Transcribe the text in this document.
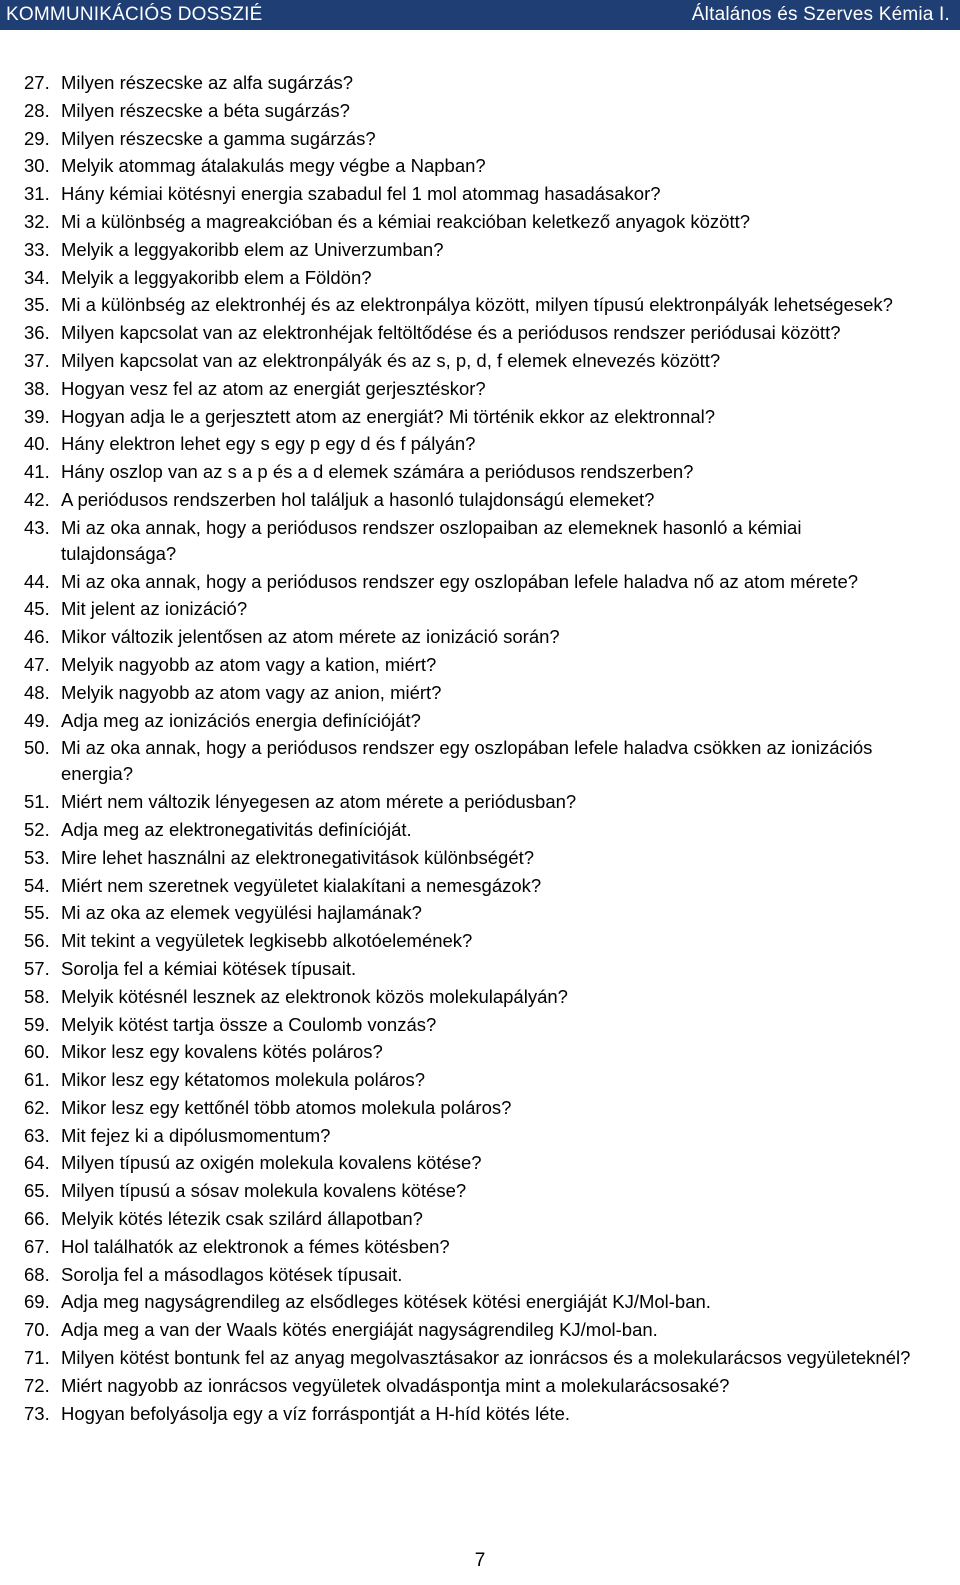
KOMMUNIKÁCIÓS DOSSZIÉ	Általános és Szerves Kémia I.
27. Milyen részecske az alfa sugárzás?
28. Milyen részecske a béta sugárzás?
29. Milyen részecske a gamma sugárzás?
30. Melyik atommag átalakulás megy végbe a Napban?
31. Hány kémiai kötésnyi energia szabadul fel 1 mol atommag hasadásakor?
32. Mi a különbség a magreakcióban és a kémiai reakcióban keletkező anyagok között?
33. Melyik a leggyakoribb elem az Univerzumban?
34. Melyik a leggyakoribb elem a Földön?
35. Mi a különbség az elektronhéj és az elektronpálya között, milyen típusú elektronpályák lehetségesek?
36. Milyen kapcsolat van az elektronhéjak feltöltődése és a periódusos rendszer periódusai között?
37. Milyen kapcsolat van az elektronpályák és az s, p, d, f elemek elnevezés között?
38. Hogyan vesz fel az atom az energiát gerjesztéskor?
39. Hogyan adja le a gerjesztett atom az energiát? Mi történik ekkor az elektronnal?
40. Hány elektron lehet egy s egy p egy d és f pályán?
41. Hány oszlop van az s a p és a d elemek számára a periódusos rendszerben?
42. A periódusos rendszerben hol találjuk a hasonló tulajdonságú elemeket?
43. Mi az oka annak, hogy a periódusos rendszer oszlopaiban az elemeknek hasonló a kémiai tulajdonsága?
44. Mi az oka annak, hogy a periódusos rendszer egy oszlopában lefele haladva nő az atom mérete?
45. Mit jelent az ionizáció?
46. Mikor változik jelentősen az atom mérete az ionizáció során?
47. Melyik nagyobb az atom vagy a kation, miért?
48. Melyik nagyobb az atom vagy az anion, miért?
49. Adja meg az ionizációs energia definícióját?
50. Mi az oka annak, hogy a periódusos rendszer egy oszlopában lefele haladva csökken az ionizációs energia?
51. Miért nem változik lényegesen az atom mérete a periódusban?
52. Adja meg az elektronegativitás definícióját.
53. Mire lehet használni az elektronegativitások különbségét?
54. Miért nem szeretnek vegyületet kialakítani a nemesgázok?
55. Mi az oka az elemek vegyülési hajlamának?
56. Mit tekint a vegyületek legkisebb alkotóelemének?
57. Sorolja fel a kémiai kötések típusait.
58. Melyik kötésnél lesznek az elektronok közös molekulapályán?
59. Melyik kötést tartja össze a Coulomb vonzás?
60. Mikor lesz egy kovalens kötés poláros?
61. Mikor lesz egy kétatomos molekula poláros?
62. Mikor lesz egy kettőnél több atomos molekula poláros?
63. Mit fejez ki a dipólusmomentum?
64. Milyen típusú az oxigén molekula kovalens kötése?
65. Milyen típusú a sósav molekula kovalens kötése?
66. Melyik kötés létezik csak szilárd állapotban?
67. Hol találhatók az elektronok a fémes kötésben?
68. Sorolja fel a másodlagos kötések típusait.
69. Adja meg nagyságrendileg az elsődleges kötések kötési energiáját KJ/Mol-ban.
70. Adja meg a van der Waals kötés energiáját nagyságrendileg KJ/mol-ban.
71. Milyen kötést bontunk fel az anyag megolvasztásakor az ionrácsos és a molekularácsos vegyületeknél?
72. Miért nagyobb az ionrácsos vegyületek olvadáspontja mint a molekularácsosaké?
73. Hogyan befolyásolja egy a víz forráspontját a H-híd kötés léte.
7
